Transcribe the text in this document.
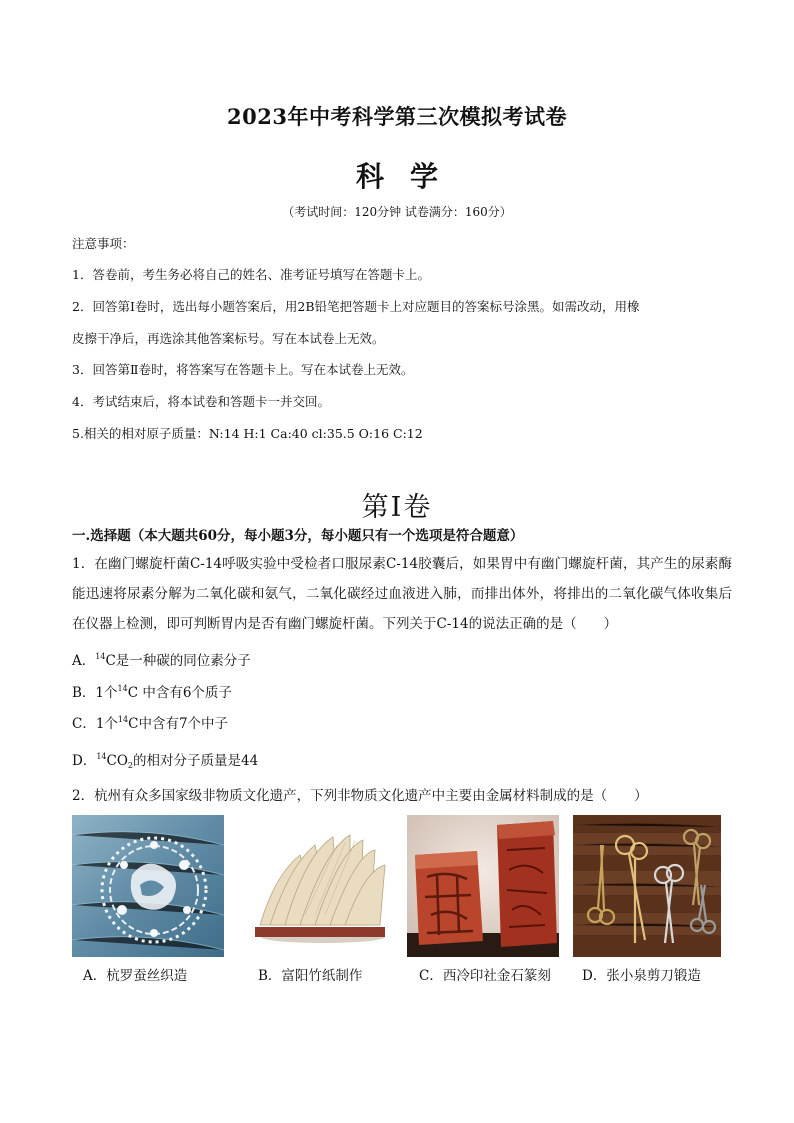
2023年中考科学第三次模拟考试卷
科学
（考试时间：120分钟 试卷满分：160分）

注意事项：

1．答卷前，考生务必将自己的姓名、准考证号填写在答题卡上。

2．回答第Ⅰ卷时，选出每小题答案后，用2B铅笔把答题卡上对应题目的答案标号涂黑。如需改动，用橡

皮擦干净后，再选涂其他答案标号。写在本试卷上无效。

3．回答第Ⅱ卷时，将答案写在答题卡上。写在本试卷上无效。

4．考试结束后，将本试卷和答题卡一并交回。

5.相关的相对原子质量：N:14 H:1 Ca:40 cl:35.5 O:16 C:12

第Ⅰ卷
一.选择题（本大题共60分，每小题3分，每小题只有一个选项是符合题意）
1．在幽门螺旋杆菌C-14呼吸实验中受检者口服尿素C-14胶囊后，如果胃中有幽门螺旋杆菌，其产生的尿素酶能迅速将尿素分解为二氧化碳和氨气，二氧化碳经过血液进入肺，而排出体外，将排出的二氧化碳气体收集后在仪器上检测，即可判断胃内是否有幽门螺旋杆菌。下列关于C-14的说法正确的是（　　）
A．$^{14}$C是一种碳的同位素分子
B．1个$^{14}$C 中含有6个质子
C．1个$^{14}$C中含有7个中子
D．$^{14}CO_2$的相对分子质量是44
2．杭州有众多国家级非物质文化遗产，下列非物质文化遗产中主要由金属材料制成的是（　　）
A．杭罗蚕丝织造	B．富阳竹纸制作	C．西冷印社金石篆刻 D．张小泉剪刀锻造
